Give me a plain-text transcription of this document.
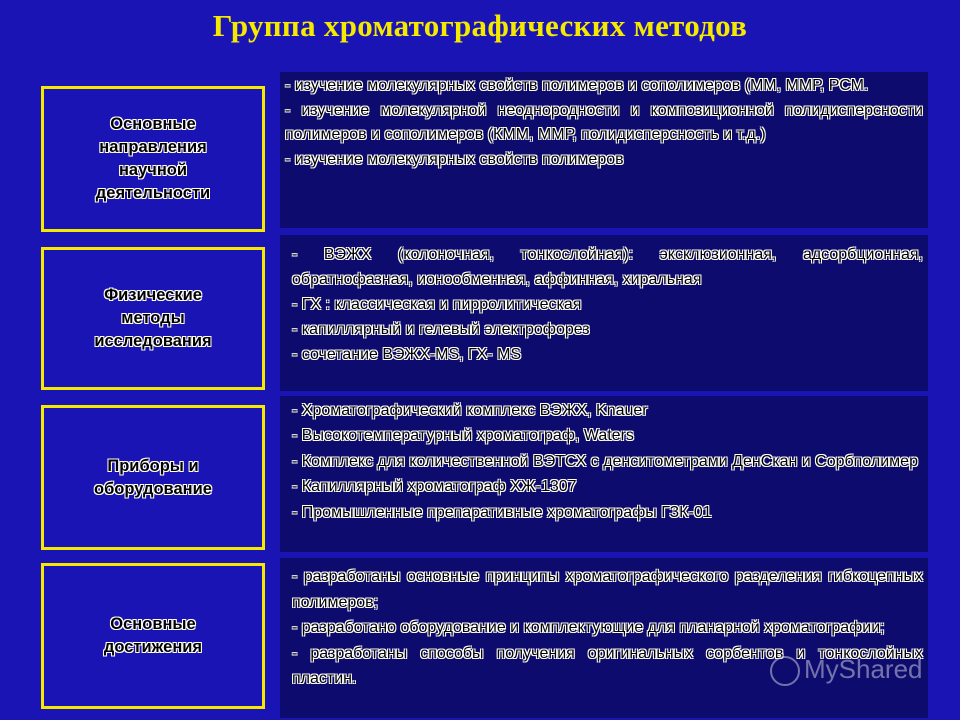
Группа хроматографических методов
Основные
направления
научной
деятельности

- изучение молекулярных свойств полимеров и сополимеров (ММ, ММР, РСМ.

- изучение молекулярной неоднородности и композиционной полидисперсности полимеров и сополимеров (КММ, ММР, полидисперсность и т.д.)

- изучение молекулярных свойств полимеров

Физические
методы
исследования

- ВЭЖХ (колоночная, тонкослойная): эксклюзионная, адсорбционная, обратнофазная, ионообменная, аффинная, хиральная

- ГХ : классическая и пирролитическая

- капиллярный и гелевый электрофорез

- сочетание ВЭЖХ-MS, ГХ- MS

Приборы и
оборудование

- Хроматографический комплекс ВЭЖХ, Knauer

- Высокотемпературный хроматограф, Waters

- Комплекс для количественной ВЭТСХ с денситометрами ДенСкан и Сорбполимер

- Капиллярный хроматограф ХЖ-1307

- Промышленные препаративные хроматографы ГЗК-01

Основные
достижения

- разработаны основные принципы хроматографического разделения гибкоцепных полимеров;

- разработано оборудование и комплектующие для планарной хроматографии;

- разработаны способы получения оригинальных сорбентов и тонкослойных пластин.	MyShared
